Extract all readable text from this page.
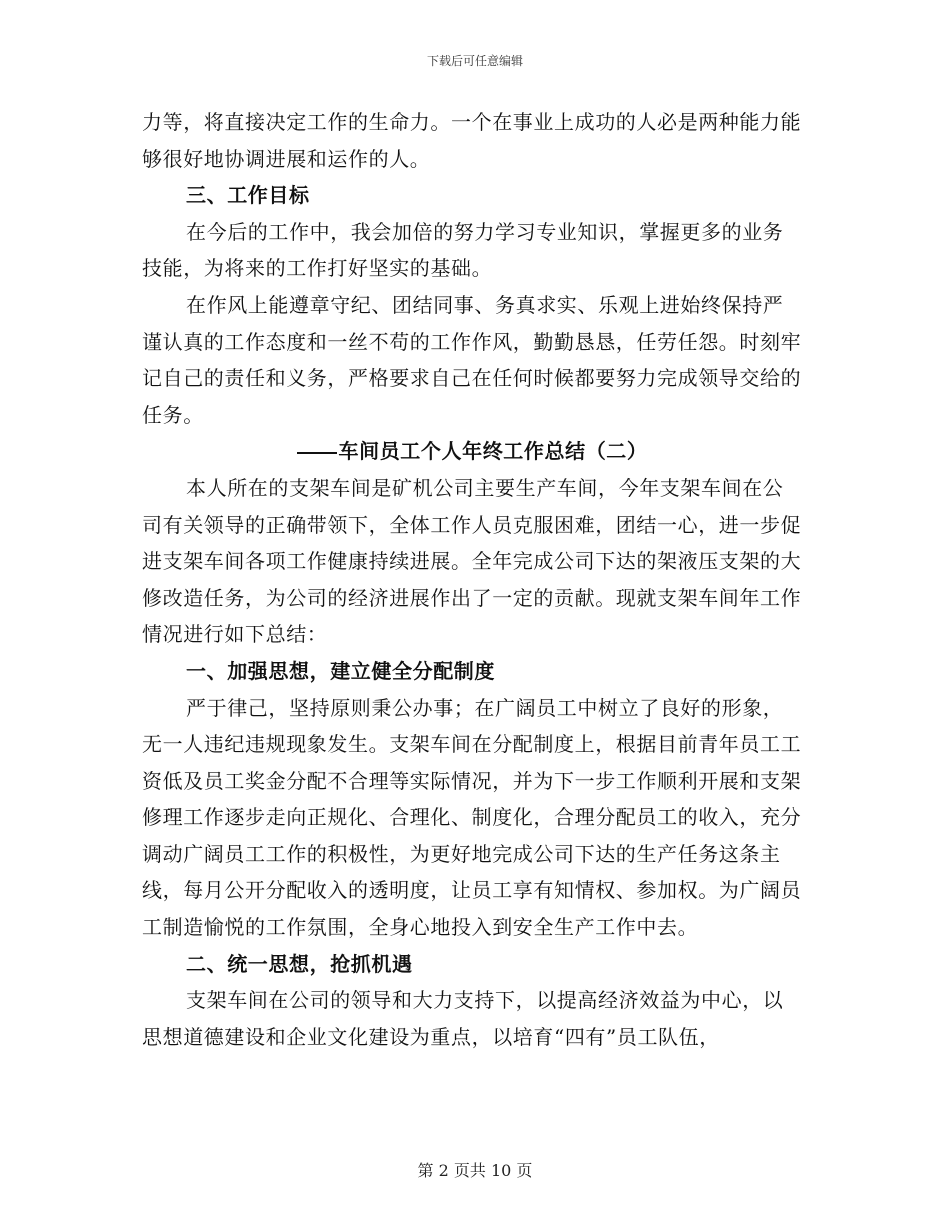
下载后可任意编辑

力等，将直接决定工作的生命力。一个在事业上成功的人必是两种能力能够很好地协调进展和运作的人。

三、工作目标

在今后的工作中，我会加倍的努力学习专业知识，掌握更多的业务技能，为将来的工作打好坚实的基础。

在作风上能遵章守纪、团结同事、务真求实、乐观上进始终保持严谨认真的工作态度和一丝不苟的工作作风，勤勤恳恳，任劳任怨。时刻牢记自己的责任和义务，严格要求自己在任何时候都要努力完成领导交给的任务。

车间员工个人年终工作总结（二）

本人所在的支架车间是矿机公司主要生产车间，今年支架车间在公司有关领导的正确带领下，全体工作人员克服困难，团结一心，进一步促进支架车间各项工作健康持续进展。全年完成公司下达的架液压支架的大修改造任务，为公司的经济进展作出了一定的贡献。现就支架车间年工作情况进行如下总结：

一、加强思想，建立健全分配制度

严于律己，坚持原则秉公办事；在广阔员工中树立了良好的形象，无一人违纪违规现象发生。支架车间在分配制度上，根据目前青年员工工资低及员工奖金分配不合理等实际情况，并为下一步工作顺利开展和支架修理工作逐步走向正规化、合理化、制度化，合理分配员工的收入，充分调动广阔员工工作的积极性，为更好地完成公司下达的生产任务这条主线，每月公开分配收入的透明度，让员工享有知情权、参加权。为广阔员工制造愉悦的工作氛围，全身心地投入到安全生产工作中去。

二、统一思想，抢抓机遇

支架车间在公司的领导和大力支持下，以提高经济效益为中心，以思想道德建设和企业文化建设为重点，以培育“四有”员工队伍，

第 2 页共 10 页
